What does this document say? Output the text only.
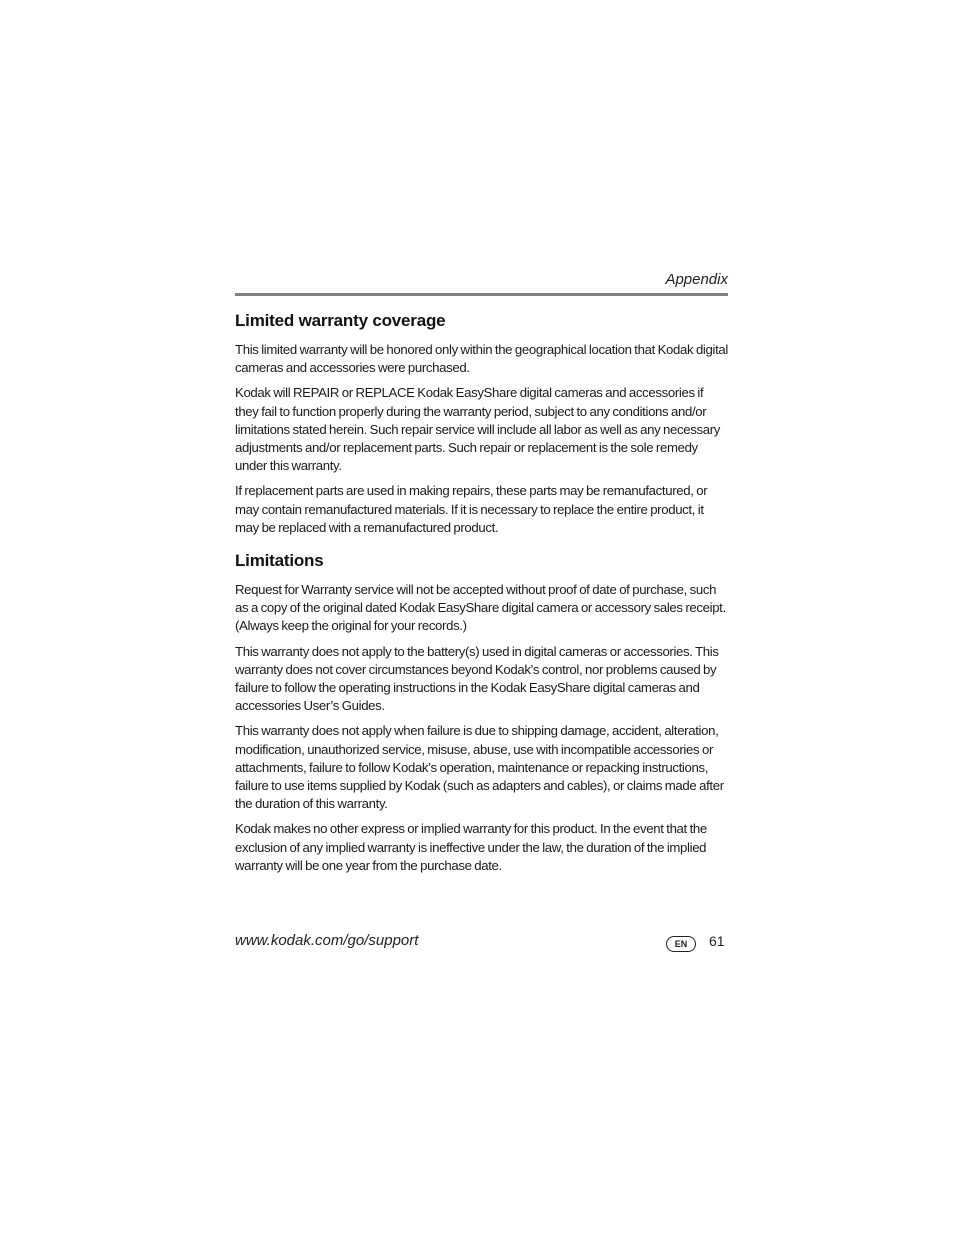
Appendix
Limited warranty coverage

This limited warranty will be honored only within the geographical location that Kodak digital cameras and accessories were purchased.

Kodak will REPAIR or REPLACE Kodak EasyShare digital cameras and accessories if they fail to function properly during the warranty period, subject to any conditions and/or limitations stated herein. Such repair service will include all labor as well as any necessary adjustments and/or replacement parts. Such repair or replacement is the sole remedy under this warranty.

If replacement parts are used in making repairs, these parts may be remanufactured, or may contain remanufactured materials. If it is necessary to replace the entire product, it may be replaced with a remanufactured product.

Limitations

Request for Warranty service will not be accepted without proof of date of purchase, such as a copy of the original dated Kodak EasyShare digital camera or accessory sales receipt. (Always keep the original for your records.)

This warranty does not apply to the battery(s) used in digital cameras or accessories. This warranty does not cover circumstances beyond Kodak’s control, nor problems caused by failure to follow the operating instructions in the Kodak EasyShare digital cameras and accessories User’s Guides.

This warranty does not apply when failure is due to shipping damage, accident, alteration, modification, unauthorized service, misuse, abuse, use with incompatible accessories or attachments, failure to follow Kodak’s operation, maintenance or repacking instructions, failure to use items supplied by Kodak (such as adapters and cables), or claims made after the duration of this warranty.

Kodak makes no other express or implied warranty for this product. In the event that the exclusion of any implied warranty is ineffective under the law, the duration of the implied warranty will be one year from the purchase date.

www.kodak.com/go/support	EN	61
